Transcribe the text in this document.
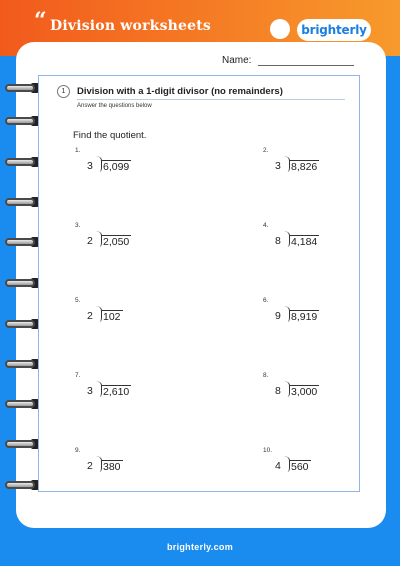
“ Division worksheets	brighterly
Name:
1	Division with a 1-digit divisor (no remainders)
Answer the questions below
Find the quotient.
1.
3 6,099
2.
3 8,826
3.
2 2,050
4.
8 4,184
5.
2 102
6.
9 8,919
7.
3 2,610
8.
8 3,000
9.
2 380
10.
4 560
brighterly.com
